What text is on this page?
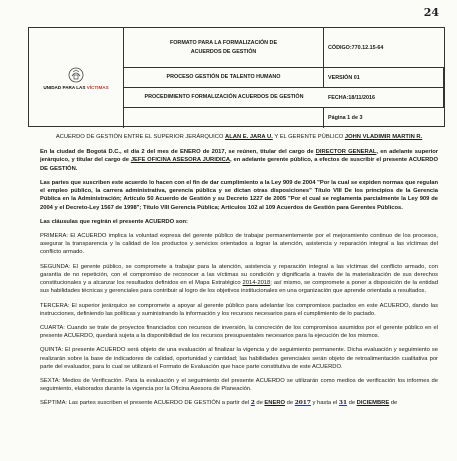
24
UNIDAD PARA LAS VÍCTIMAS
FORMATO PARA LA FORMALIZACIÓN DE
ACUERDOS DE GESTIÓN
CÓDIGO:770.12.15-64
PROCESO GESTIÓN DE TALENTO HUMANO	VERSIÓN 01
PROCEDIMIENTO FORMALIZACIÓN ACUERDOS DE GESTIÓN	FECHA:18/11/2016
Página 1 de 3

ACUERDO DE GESTIÓN ENTRE EL SUPERIOR JERÁRQUICO ALAN E. JARA U. Y EL GERENTE PÚBLICO JOHN VLADIMIR MARTIN R.

En la ciudad de Bogotá D.C., el día 2 del mes de ENERO de 2017, se reúnen, titular del cargo de DIRECTOR GENERAL, en adelante superior jerárquico, y titular del cargo de JEFE OFICINA ASESORA JURIDICA, en adelante gerente público, a efectos de suscribir el presente ACUERDO DE GESTIÓN.

Las partes que suscriben este acuerdo lo hacen con el fin de dar cumplimiento a la Ley 909 de 2004 "Por la cual se expiden normas que regulan el empleo público, la carrera administrativa, gerencia pública y se dictan otras disposiciones" Título VIII De los principios de la Gerencia Pública en la Administración; Artículo 50 Acuerdo de Gestión y su Decreto 1227 de 2005 "Por el cual se reglamenta parcialmente la Ley 909 de 2004 y el Decreto-Ley 1567 de 1998"; Título VIII Gerencia Pública; Artículos 102 al 109 Acuerdos de Gestión para Gerentes Públicos.

Las cláusulas que regirán el presente ACUERDO son:

PRIMERA: El ACUERDO implica la voluntad expresa del gerente público de trabajar permanentemente por el mejoramiento continuo de los procesos, asegurar la transparencia y la calidad de los productos y servicios orientados a lograr la atención, asistencia y reparación integral a las víctimas del conflicto armado.

SEGUNDA: El gerente público, se compromete a trabajar para la atención, asistencia y reparación integral a las víctimas del conflicto armado, con garantía de no repetición, con el compromiso de reconocer a las víctimas su condición y dignificarla a través de la materialización de sus derechos constitucionales y a alcanzar los resultados definidos en el Mapa Estratégico 2014-2018; así mismo, se compromete a poner a disposición de la entidad sus habilidades técnicas y gerenciales para contribuir al logro de los objetivos institucionales en una organización que aprende orientada a resultados.

TERCERA: El superior jerárquico se compromete a apoyar al gerente público para adelantar los compromisos pactados en este ACUERDO, dando las instrucciones, definiendo las políticas y suministrando la información y los recursos necesarios para el cumplimiento de lo pactado.

CUARTA: Cuando se trate de proyectos financiados con recursos de inversión, la concreción de los compromisos asumidos por el gerente público en el presente ACUERDO, quedará sujeta a la disponibilidad de los recursos presupuestales necesarios para la ejecución de los mismos.

QUINTA: El presente ACUERDO será objeto de una evaluación al finalizar la vigencia y de seguimiento permanente. Dicha evaluación y seguimiento se realizarán sobre la base de indicadores de calidad, oportunidad y cantidad; las habilidades gerenciales serán objeto de retroalimentación cualitativa por parte del evaluador, para lo cual se utilizará el Formato de Evaluación que hace parte constitutiva de este ACUERDO.

SEXTA: Medios de Verificación. Para la evaluación y el seguimiento del presente ACUERDO se utilizarán como medios de verificación los informes de seguimiento, elaborados durante la vigencia por la Oficina Asesora de Planeación.

SÉPTIMA: Las partes suscriben el presente ACUERDO DE GESTIÓN a partir del 2 de ENERO de 2017 y hasta el 31 de DICIEMBRE de
